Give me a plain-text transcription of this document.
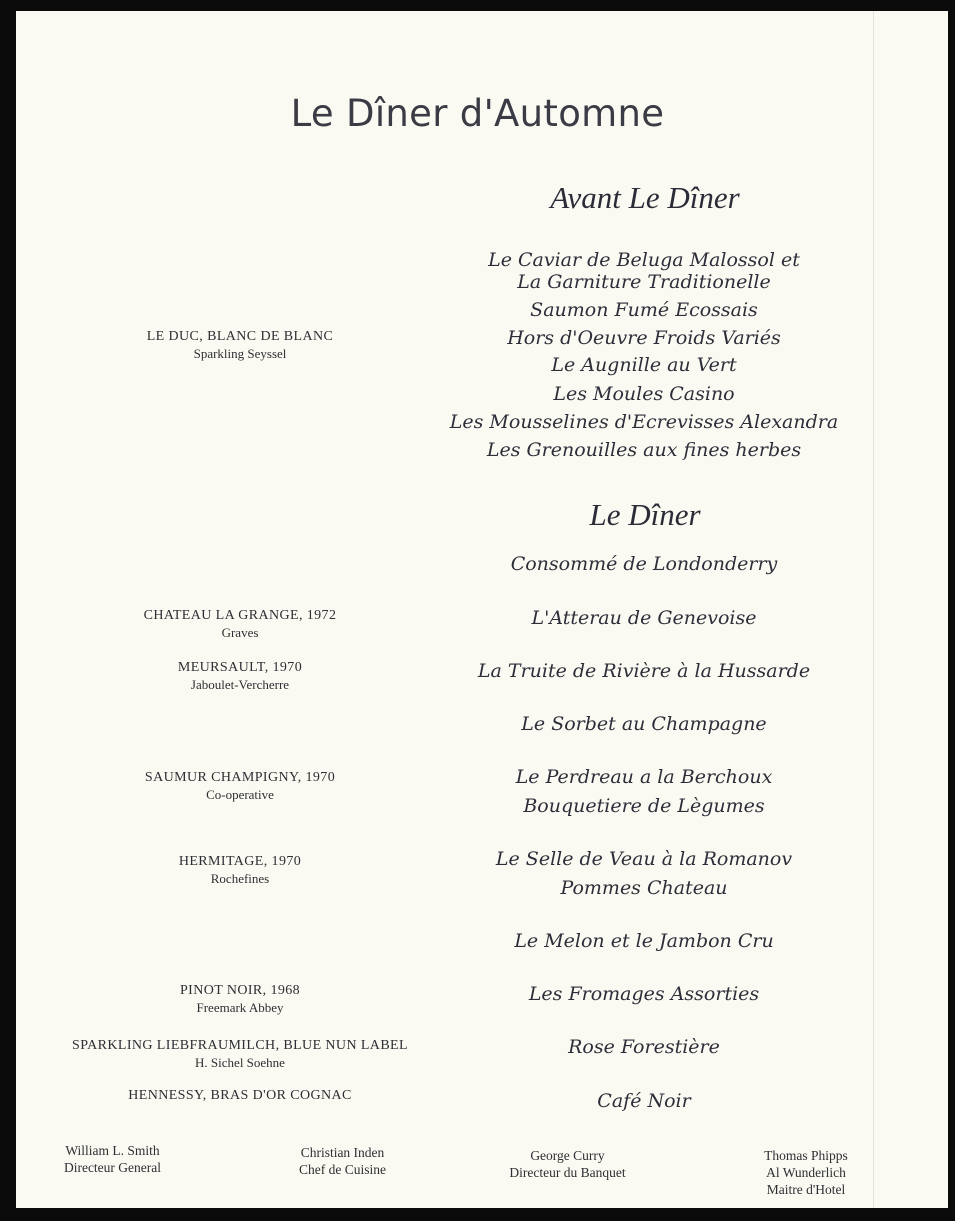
Le Dîner d'Automne
Avant Le Dîner
Le Caviar de Beluga Malossol et
La Garniture Traditionelle
Saumon Fumé Ecossais
Hors d'Oeuvre Froids Variés
Le Augnille au Vert
Les Moules Casino
Les Mousselines d'Ecrevisses Alexandra
Les Grenouilles aux fines herbes
Le Dîner
Consommé de Londonderry
L'Atterau de Genevoise
La Truite de Rivière à la Hussarde
Le Sorbet au Champagne
Le Perdreau a la Berchoux
Bouquetiere de Lègumes
Le Selle de Veau à la Romanov
Pommes Chateau
Le Melon et le Jambon Cru
Les Fromages Assorties
Rose Forestière
Café Noir
LE DUC, BLANC DE BLANC
Sparkling Seyssel
CHATEAU LA GRANGE, 1972
Graves
MEURSAULT, 1970
Jaboulet-Vercherre
SAUMUR CHAMPIGNY, 1970
Co-operative
HERMITAGE, 1970
Rochefines
PINOT NOIR, 1968
Freemark Abbey
SPARKLING LIEBFRAUMILCH, BLUE NUN LABEL
H. Sichel Soehne
HENNESSY, BRAS D'OR COGNAC
William L. Smith
Directeur General
Christian Inden
Chef de Cuisine
George Curry
Directeur du Banquet
Thomas Phipps
Al Wunderlich
Maitre d'Hotel
